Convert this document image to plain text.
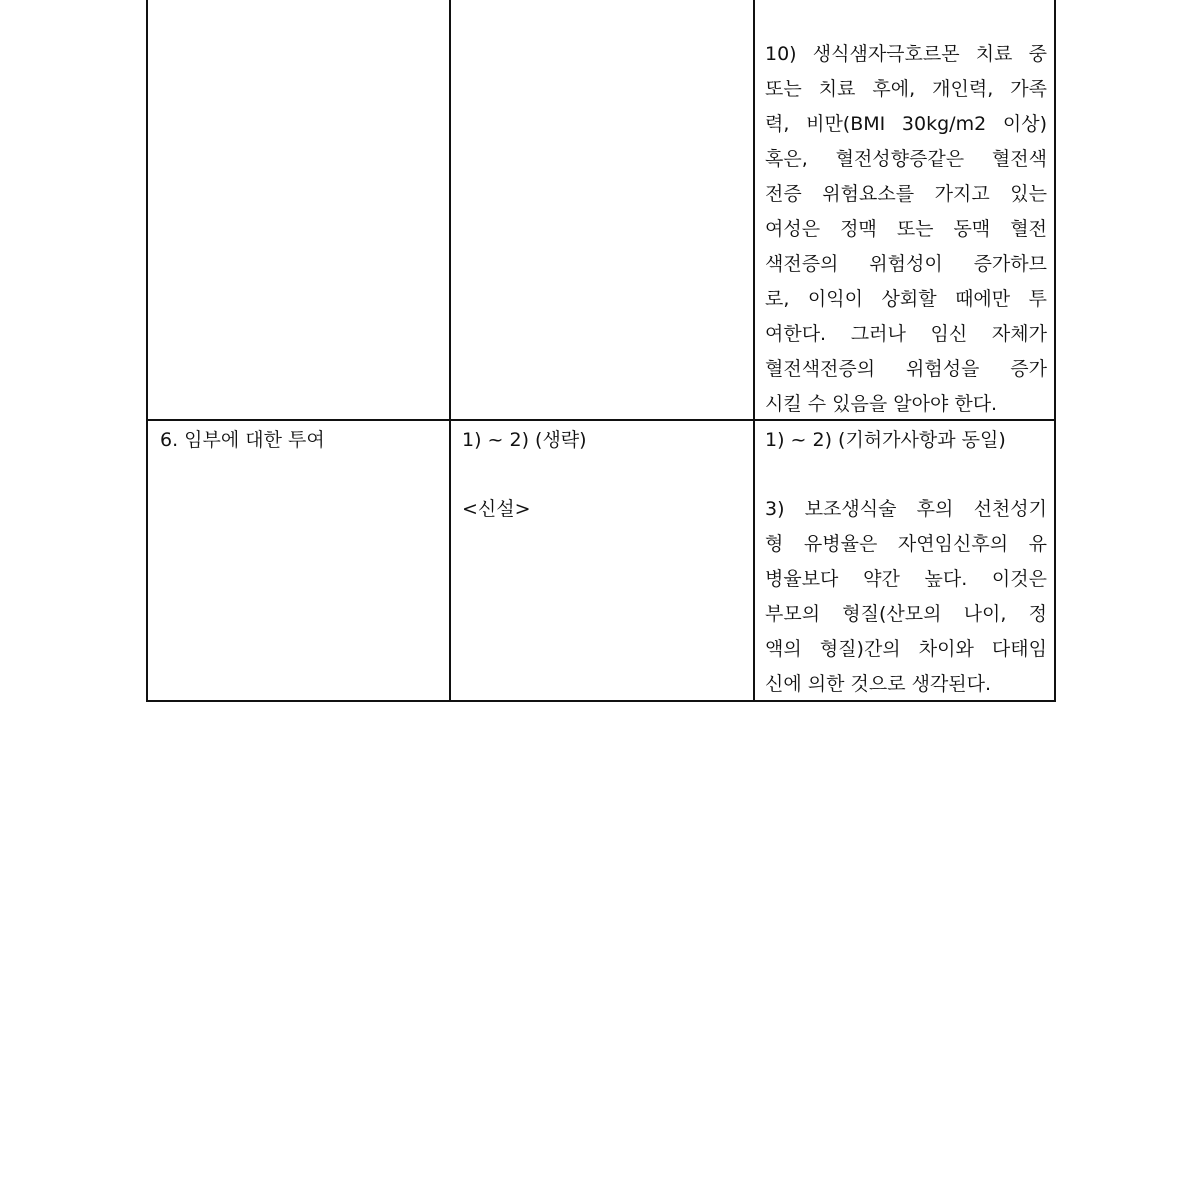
10) 생식샘자극호르몬 치료 중
또는 치료 후에, 개인력, 가족
력, 비만(BMI 30kg/m2 이상)
혹은, 혈전성향증같은 혈전색
전증 위험요소를 가지고 있는
여성은 정맥 또는 동맥 혈전
색전증의 위험성이 증가하므
로, 이익이 상회할 때에만 투
여한다. 그러나 임신 자체가
혈전색전증의 위험성을 증가
시킬 수 있음을 알아야 한다.
6. 임부에 대한 투여	1) ~ 2) (생략)
<신설>
1) ~ 2) (기허가사항과 동일)
3) 보조생식술 후의 선천성기
형 유병율은 자연임신후의 유
병율보다 약간 높다. 이것은
부모의 형질(산모의 나이, 정
액의 형질)간의 차이와 다태임
신에 의한 것으로 생각된다.
